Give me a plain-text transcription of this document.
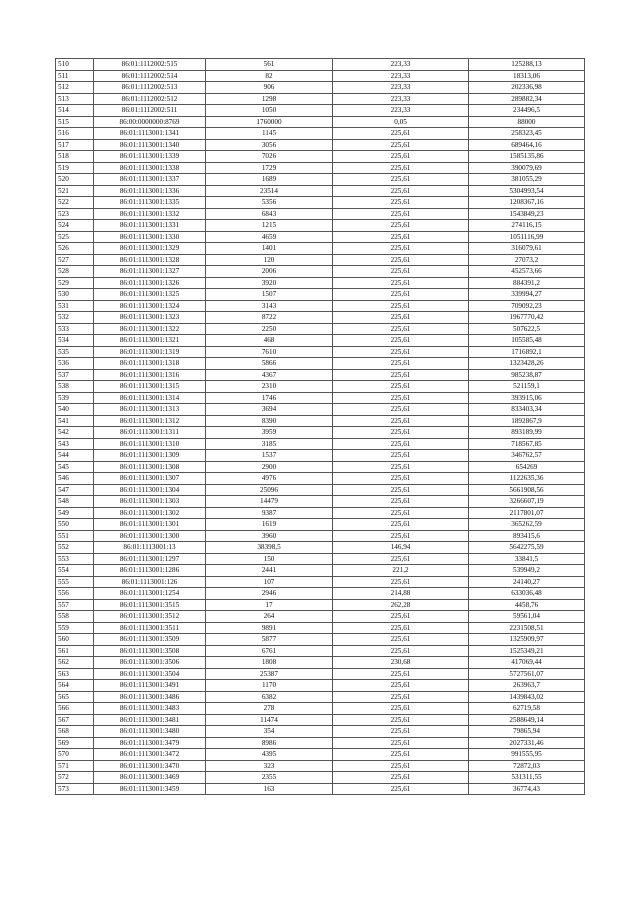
510	86:01:1112002:515	561	223,33	125288,13
511	86:01:1112002:514	82	223,33	18313,06
512	86:01:1112002:513	906	223,33	202336,98
513	86:01:1112002:512	1298	223,33	289882,34
514	86:01:1112002:511	1050	223,33	234496,5
515	86:00:0000000:8769	1760000	0,05	88000
516	86:01:1113001:1341	1145	225,61	258323,45
517	86:01:1113001:1340	3056	225,61	689464,16
518	86:01:1113001:1339	7026	225,61	1585135,86
519	86:01:1113001:1338	1729	225,61	390079,69
520	86:01:1113001:1337	1689	225,61	381055,29
521	86:01:1113001:1336	23514	225,61	5304993,54
522	86:01:1113001:1335	5356	225,61	1208367,16
523	86:01:1113001:1332	6843	225,61	1543849,23
524	86:01:1113001:1331	1215	225,61	274116,15
525	86:01:1113001:1330	4659	225,61	1051116,99
526	86:01:1113001:1329	1401	225,61	316079,61
527	86:01:1113001:1328	120	225,61	27073,2
528	86:01:1113001:1327	2006	225,61	452573,66
529	86:01:1113001:1326	3920	225,61	884391,2
530	86:01:1113001:1325	1507	225,61	339994,27
531	86:01:1113001:1324	3143	225,61	709092,23
532	86:01:1113001:1323	8722	225,61	1967770,42
533	86:01:1113001:1322	2250	225,61	507622,5
534	86:01:1113001:1321	468	225,61	105585,48
535	86:01:1113001:1319	7610	225,61	1716892,1
536	86:01:1113001:1318	5866	225,61	1323428,26
537	86:01:1113001:1316	4367	225,61	985238,87
538	86:01:1113001:1315	2310	225,61	521159,1
539	86:01:1113001:1314	1746	225,61	393915,06
540	86:01:1113001:1313	3694	225,61	833403,34
541	86:01:1113001:1312	8390	225,61	1892867,9
542	86:01:1113001:1311	3959	225,61	893189,99
543	86:01:1113001:1310	3185	225,61	718567,85
544	86:01:1113001:1309	1537	225,61	346762,57
545	86:01:1113001:1308	2900	225,61	654269
546	86:01:1113001:1307	4976	225,61	1122635,36
547	86:01:1113001:1304	25096	225,61	5661908,56
548	86:01:1113001:1303	14479	225,61	3266607,19
549	86:01:1113001:1302	9387	225,61	2117801,07
550	86:01:1113001:1301	1619	225,61	365262,59
551	86:01:1113001:1300	3960	225,61	893415,6
552	86:01:1113001:13	38398,5	146,94	5642275,59
553	86:01:1113001:1297	150	225,61	33841,5
554	86:01:1113001:1286	2441	221,2	539949,2
555	86:01:1113001:126	107	225,61	24140,27
556	86:01:1113001:1254	2946	214,88	633036,48
557	86:01:1113001:3515	17	262,28	4458,76
558	86:01:1113001:3512	264	225,61	59561,04
559	86:01:1113001:3511	9891	225,61	2231508,51
560	86:01:1113001:3509	5877	225,61	1325909,97
561	86:01:1113001:3508	6761	225,61	1525349,21
562	86:01:1113001:3506	1808	230,68	417069,44
563	86:01:1113001:3504	25387	225,61	5727561,07
564	86:01:1113001:3491	1170	225,61	263963,7
565	86:01:1113001:3486	6382	225,61	1439843,02
566	86:01:1113001:3483	278	225,61	62719,58
567	86:01:1113001:3481	11474	225,61	2588649,14
568	86:01:1113001:3480	354	225,61	79865,94
569	86:01:1113001:3479	8986	225,61	2027331,46
570	86:01:1113001:3472	4395	225,61	991555,95
571	86:01:1113001:3470	323	225,61	72872,03
572	86:01:1113001:3469	2355	225,61	531311,55
573	86:01:1113001:3459	163	225,61	36774,43
